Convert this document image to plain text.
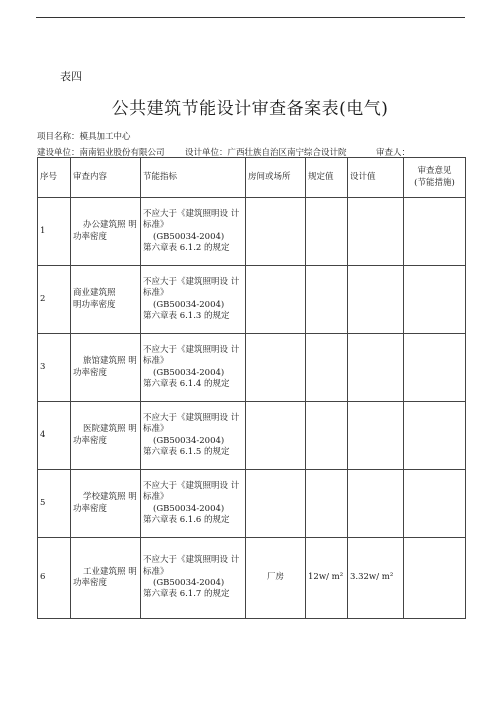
表四
公共建筑节能设计审查备案表(电气)
项目名称：模具加工中心
建设单位：南南铝业股份有限公司 设计单位：广西壮族自治区南宁综合设计院	审查人：
序号	审查内容	节能指标	房间或场所	规定值	设计值	审查意见
(节能措施)

1	办公建筑照 明
功率密度	不应大于《建筑照明设 计
标准》
(GB50034-2004)
第六章表 6.1.2 的规定				

2	商业建筑照
明功率密度	不应大于《建筑照明设 计
标准》
(GB50034-2004)
第六章表 6.1.3 的规定				

3	旅馆建筑照 明
功率密度	不应大于《建筑照明设 计
标准》
(GB50034-2004)
第六章表 6.1.4 的规定				

4	医院建筑照 明
功率密度	不应大于《建筑照明设 计
标准》
(GB50034-2004)
第六章表 6.1.5 的规定				

5	学校建筑照 明
功率密度	不应大于《建筑照明设 计
标准》
(GB50034-2004)
第六章表 6.1.6 的规定				

6	工业建筑照 明
功率密度	不应大于《建筑照明设 计
标准》
(GB50034-2004)
第六章表 6.1.7 的规定	厂房	12w/ m²	3.32w/ m²	
